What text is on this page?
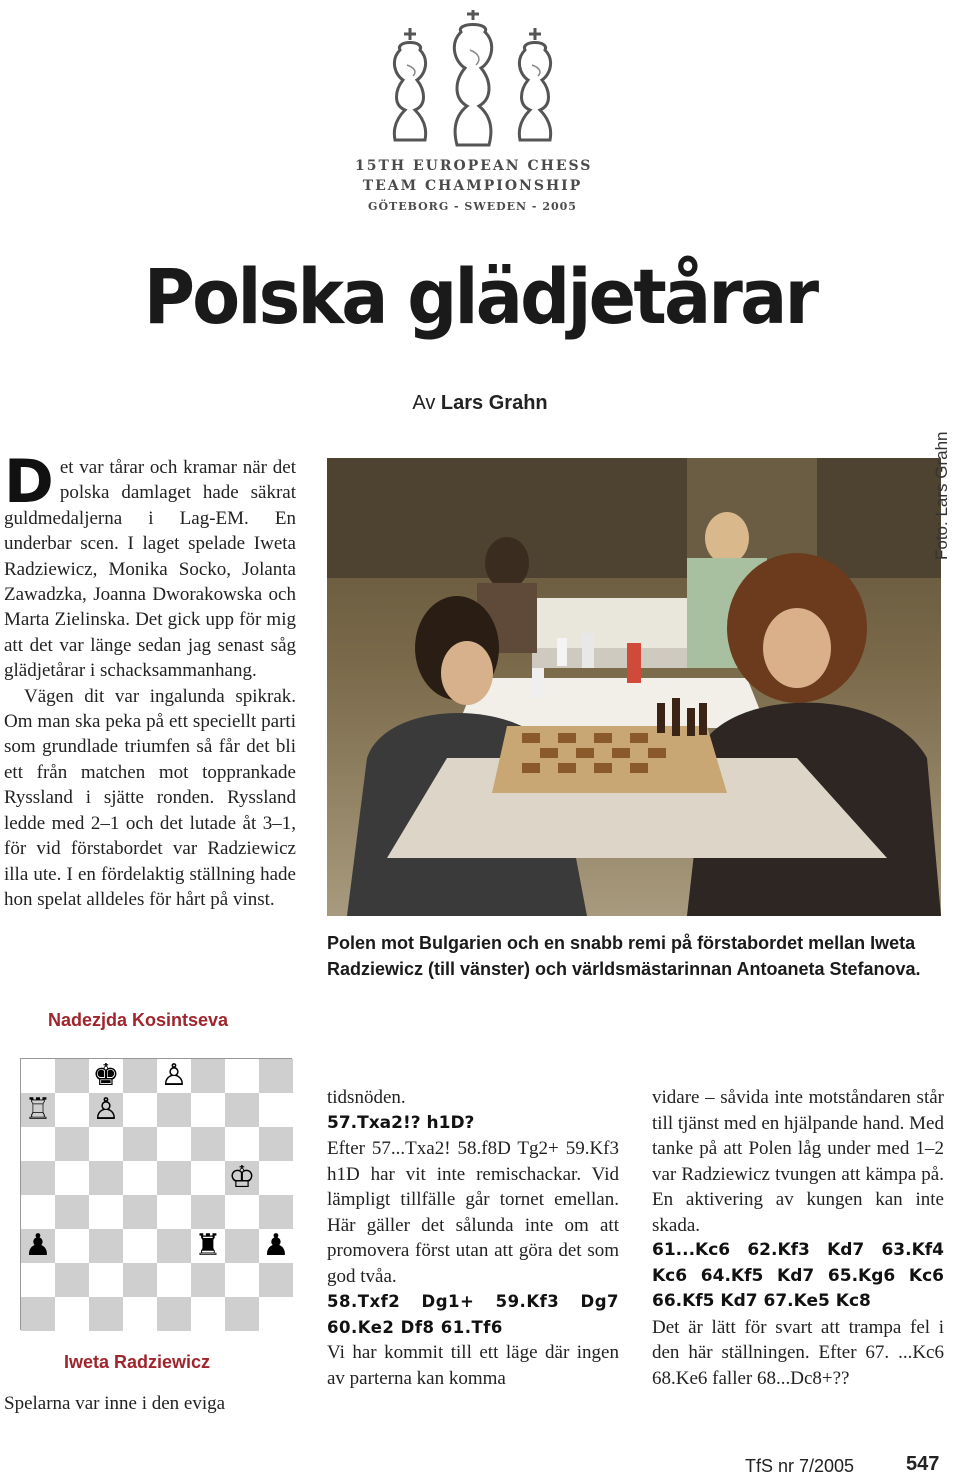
15TH EUROPEAN CHESS
TEAM CHAMPIONSHIP
GÖTEBORG - SWEDEN - 2005
Polska glädjetårar
Av Lars Grahn

Det var tårar och kramar när det polska damlaget hade säkrat guldmedaljerna i Lag-EM. En underbar scen. I laget spelade Iweta Radziewicz, Monika Socko, Jolanta Zawadzka, Joanna Dworakowska och Marta Zielinska. Det gick upp för mig att det var länge sedan jag senast såg glädjetårar i schacksammanhang.

Vägen dit var ingalunda spikrak. Om man ska peka på ett speciellt parti som grundlade triumfen så får det bli ett från matchen mot topprankade Ryssland i sjätte ronden. Ryssland ledde med 2–1 och det lutade åt 3–1, för vid förstabordet var Radziewicz illa ute. I en fördelaktig ställning hade hon spelat alldeles för hårt på vinst.

Nadezjda Kosintseva
Foto: Lars Grahn
Polen mot Bulgarien och en snabb remi på förstabordet mellan Iweta Radziewicz (till vänster) och världsmästarinnan Antoaneta Stefanova.
♚ ♙
♖ ♙
♔
♟	♜ ♟
Iweta Radziewicz
Spelarna var inne i den eviga

tidsnöden.

57.Txa2!? h1D?

Efter 57...Txa2! 58.f8D Tg2+ 59.Kf3 h1D har vit inte remischackar. Vid lämpligt tillfälle går tornet emellan. Här gäller det sålunda inte om att promovera först utan att göra det som god tvåa.

58.Txf2 Dg1+ 59.Kf3 Dg7 60.Ke2 Df8 61.Tf6

Vi har kommit till ett läge där ingen av parterna kan komma

vidare – såvida inte motståndaren står till tjänst med en hjälpande hand. Med tanke på att Polen låg under med 1–2 var Radziewicz tvungen att kämpa på. En aktivering av kungen kan inte skada.

61...Kc6 62.Kf3 Kd7 63.Kf4 Kc6 64.Kf5 Kd7 65.Kg6 Kc6 66.Kf5 Kd7 67.Ke5 Kc8

Det är lätt för svart att trampa fel i den här ställningen. Efter 67. ...Kc6 68.Ke6 faller 68...Dc8+??

TfS nr 7/2005	547
